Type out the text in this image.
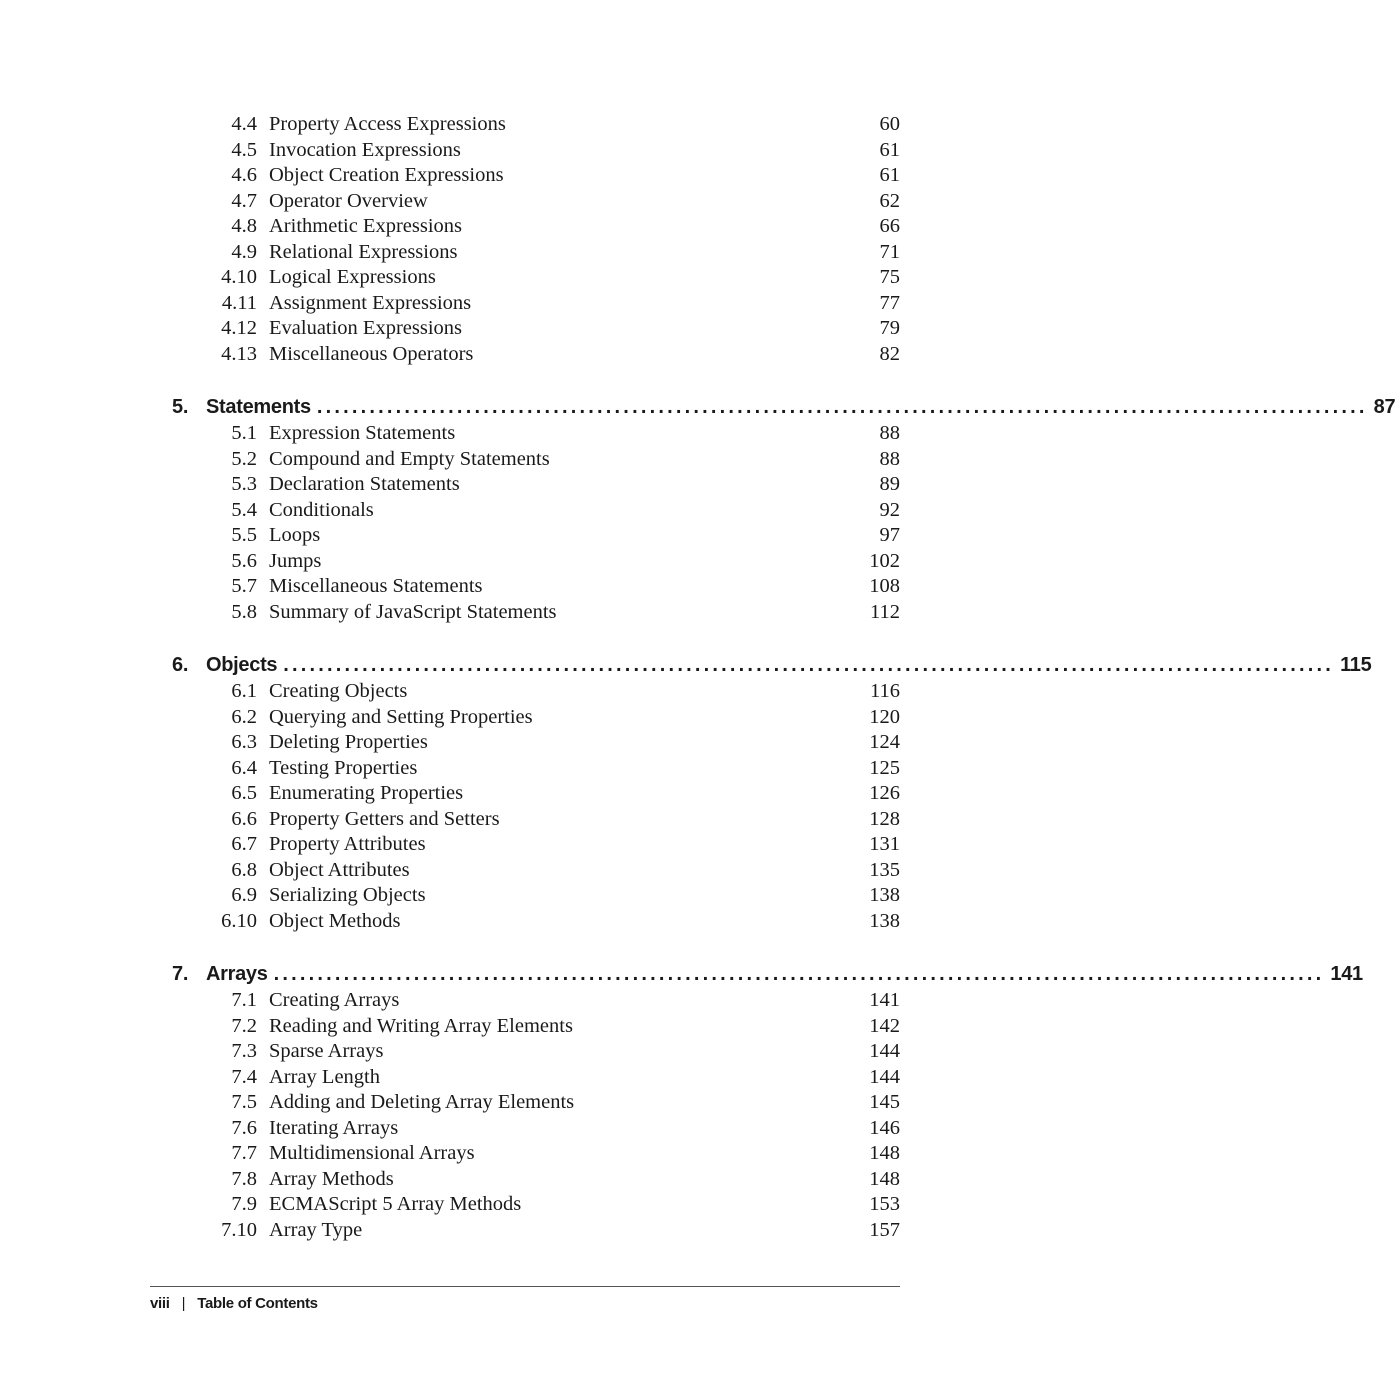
4.4 Property Access Expressions	60
4.5 Invocation Expressions	61
4.6 Object Creation Expressions	61
4.7 Operator Overview	62
4.8 Arithmetic Expressions	66
4.9 Relational Expressions	71
4.10 Logical Expressions	75
4.11 Assignment Expressions	77
4.12 Evaluation Expressions	79
4.13 Miscellaneous Operators	82
5. Statements ........................................................................................................................ 87
5.1 Expression Statements	88
5.2 Compound and Empty Statements	88
5.3 Declaration Statements	89
5.4 Conditionals	92
5.5 Loops	97
5.6 Jumps	102
5.7 Miscellaneous Statements	108
5.8 Summary of JavaScript Statements	112
6. Objects ........................................................................................................................ 115
6.1 Creating Objects	116
6.2 Querying and Setting Properties	120
6.3 Deleting Properties	124
6.4 Testing Properties	125
6.5 Enumerating Properties	126
6.6 Property Getters and Setters	128
6.7 Property Attributes	131
6.8 Object Attributes	135
6.9 Serializing Objects	138
6.10 Object Methods	138
7. Arrays ........................................................................................................................ 141
7.1 Creating Arrays	141
7.2 Reading and Writing Array Elements	142
7.3 Sparse Arrays	144
7.4 Array Length	144
7.5 Adding and Deleting Array Elements	145
7.6 Iterating Arrays	146
7.7 Multidimensional Arrays	148
7.8 Array Methods	148
7.9 ECMAScript 5 Array Methods	153
7.10 Array Type	157
viii | Table of Contents
